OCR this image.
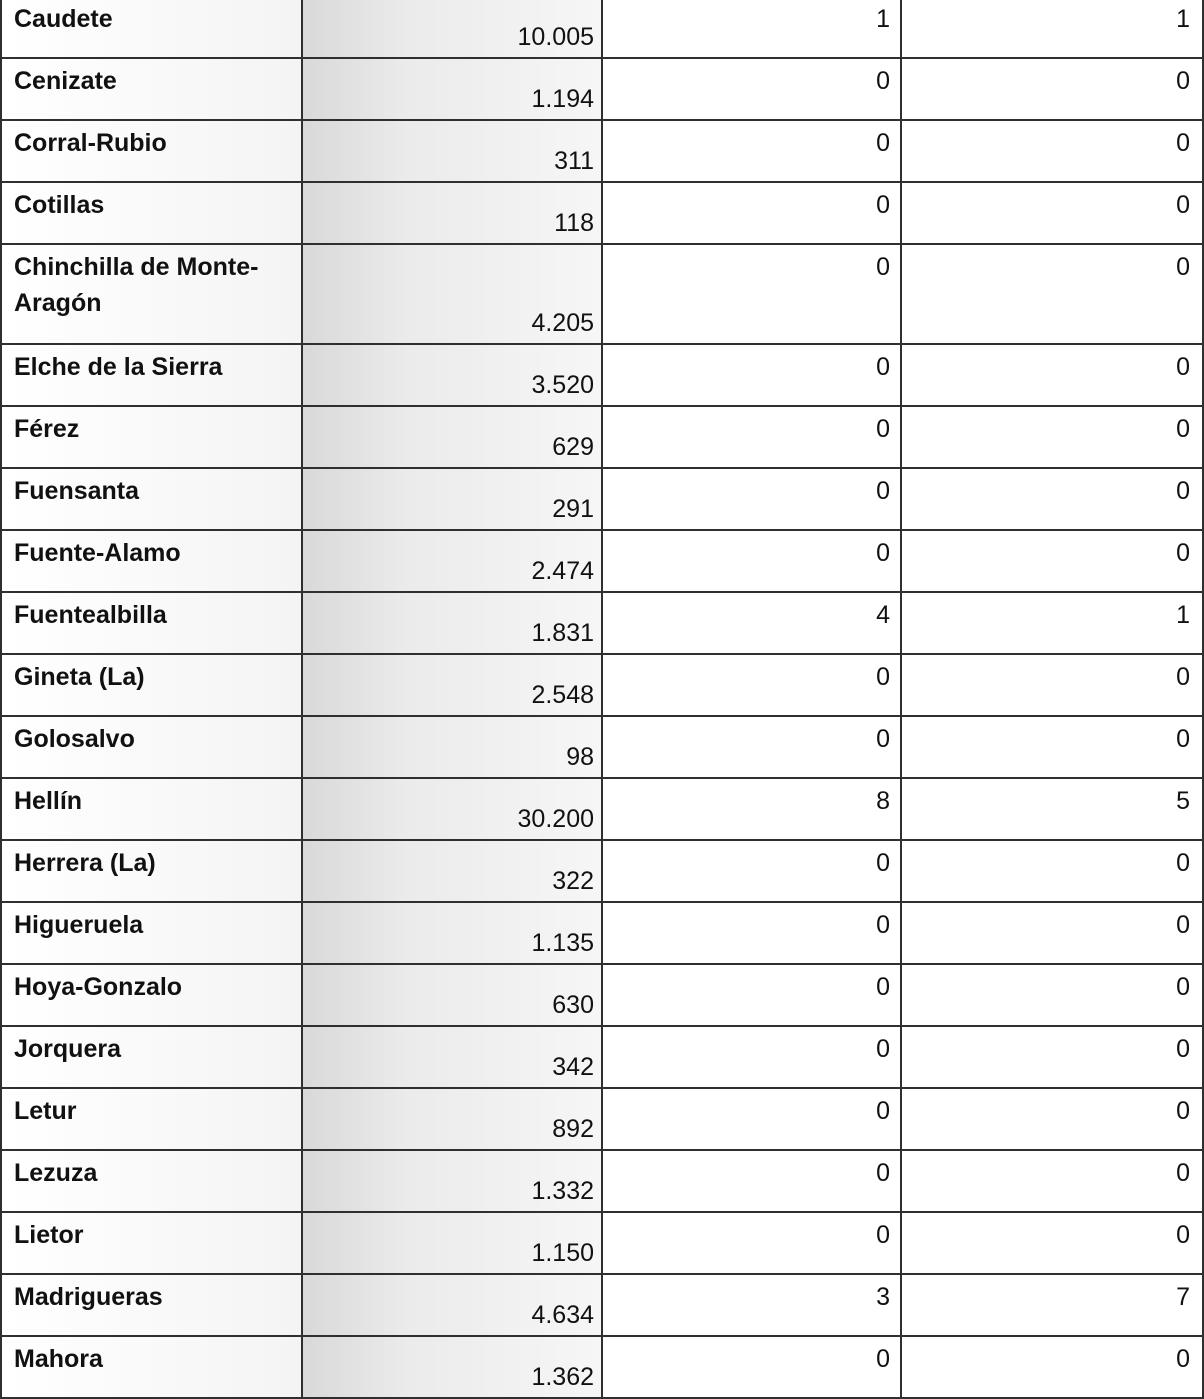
Caudete	10.005	1	1
Cenizate	1.194	0	0
Corral-Rubio	311	0	0
Cotillas	118	0	0
Chinchilla de Monte-
Aragón	4.205	0	0
Elche de la Sierra	3.520	0	0
Férez	629	0	0
Fuensanta	291	0	0
Fuente-Alamo	2.474	0	0
Fuentealbilla	1.831	4	1
Gineta (La)	2.548	0	0
Golosalvo	98	0	0
Hellín	30.200	8	5
Herrera (La)	322	0	0
Higueruela	1.135	0	0
Hoya-Gonzalo	630	0	0
Jorquera	342	0	0
Letur	892	0	0
Lezuza	1.332	0	0
Lietor	1.150	0	0
Madrigueras	4.634	3	7
Mahora	1.362	0	0
